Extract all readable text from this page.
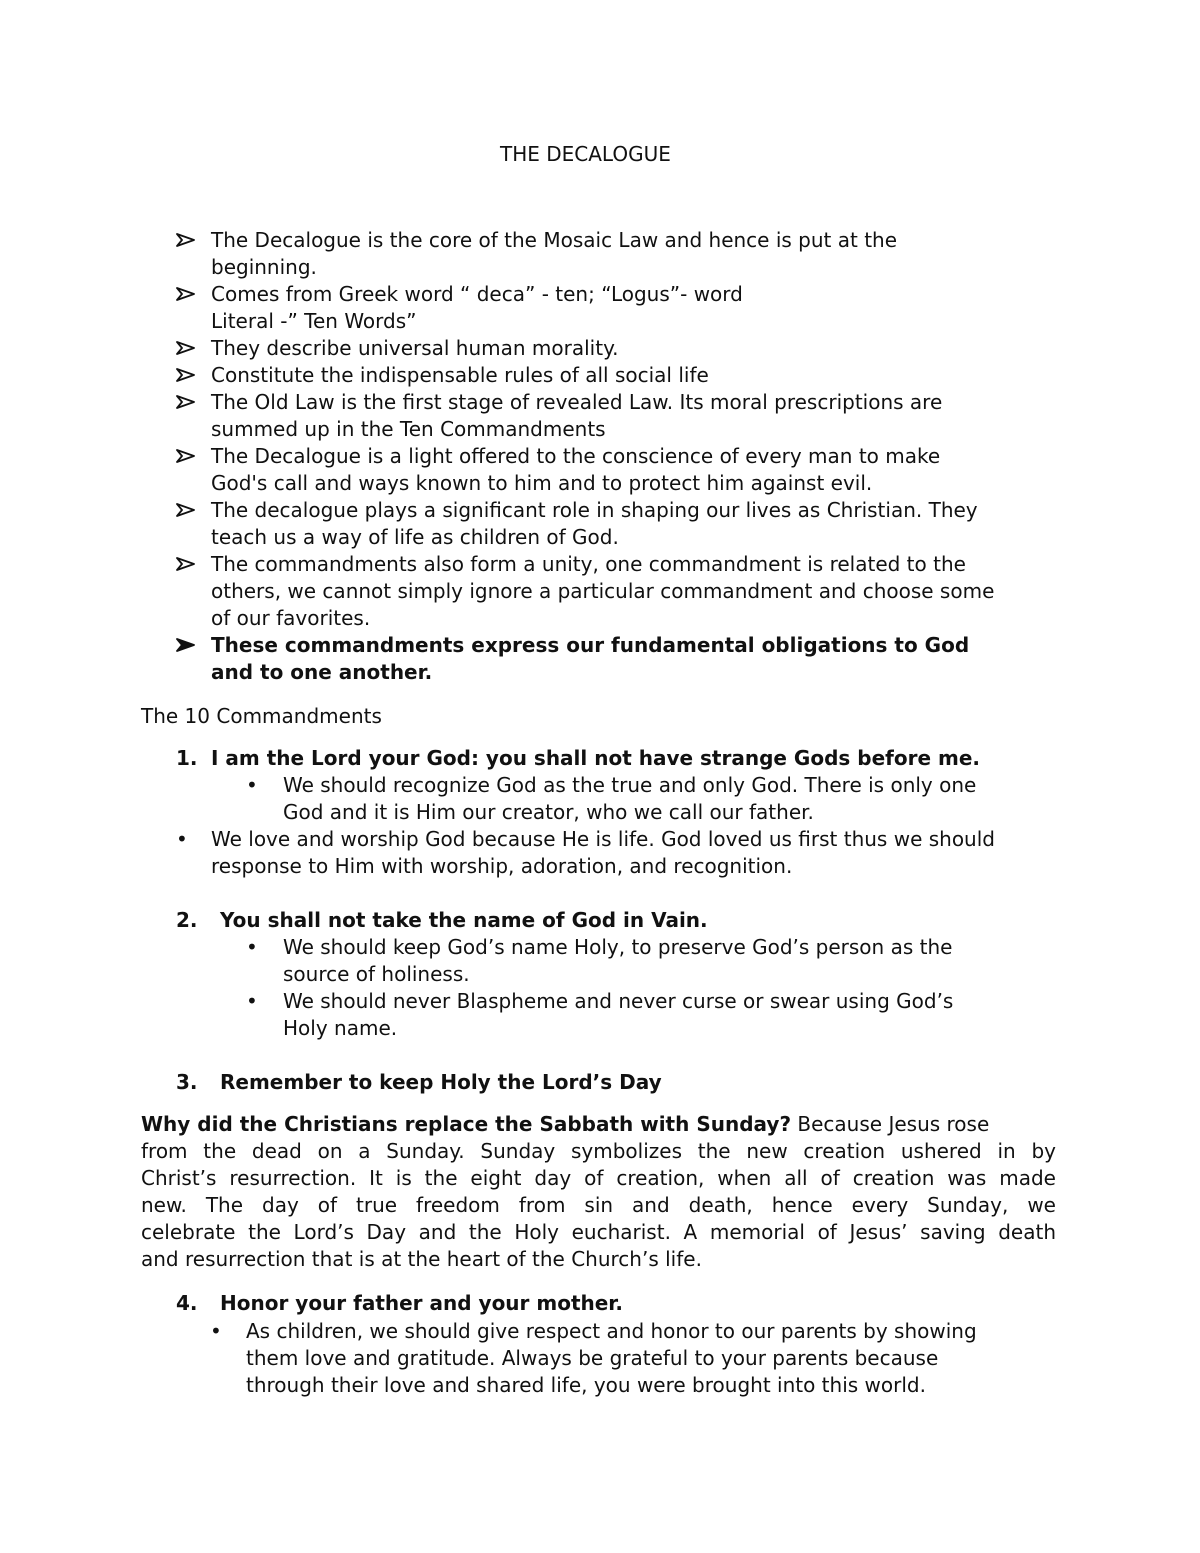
THE DECALOGUE
The Decalogue is the core of the Mosaic Law and hence is put at the
beginning.
Comes from Greek word “ deca” - ten; “Logus”- word
Literal -” Ten Words”
They describe universal human morality.
Constitute the indispensable rules of all social life
The Old Law is the first stage of revealed Law. Its moral prescriptions are
summed up in the Ten Commandments
The Decalogue is a light offered to the conscience of every man to make
God's call and ways known to him and to protect him against evil.
The decalogue plays a significant role in shaping our lives as Christian. They
teach us a way of life as children of God.
The commandments also form a unity, one commandment is related to the
others, we cannot simply ignore a particular commandment and choose some
of our favorites.
These commandments express our fundamental obligations to God
and to one another.
The 10 Commandments
1. I am the Lord your God: you shall not have strange Gods before me.
•
We should recognize God as the true and only God. There is only one
God and it is Him our creator, who we call our father.
•
We love and worship God because He is life. God loved us first thus we should
response to Him with worship, adoration, and recognition.
2. You shall not take the name of God in Vain.
•
We should keep God’s name Holy, to preserve God’s person as the
source of holiness.
•
We should never Blaspheme and never curse or swear using God’s
Holy name.
3. Remember to keep Holy the Lord’s Day
Why did the Christians replace the Sabbath with Sunday? Because Jesus rose
from the dead on a Sunday. Sunday symbolizes the new creation ushered in by
Christ’s resurrection. It is the eight day of creation, when all of creation was made
new. The day of true freedom from sin and death, hence every Sunday, we
celebrate the Lord’s Day and the Holy eucharist. A memorial of Jesus’ saving death
and resurrection that is at the heart of the Church’s life.
4. Honor your father and your mother.
•
As children, we should give respect and honor to our parents by showing
them love and gratitude. Always be grateful to your parents because
through their love and shared life, you were brought into this world.
